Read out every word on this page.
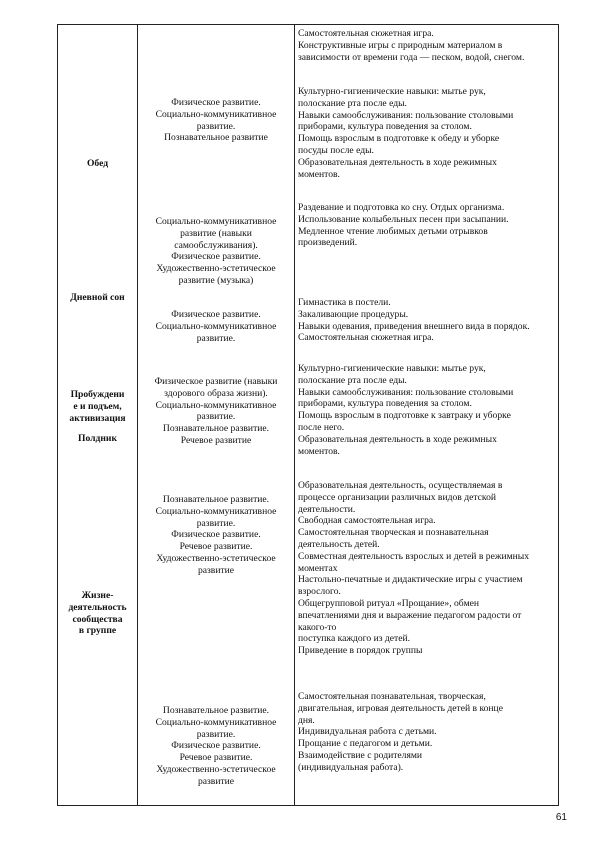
Обед
Дневной сон
Пробуждени
е и подъем,
активизация
Полдник
Жизне-
деятельность
сообщества
в группе
Физическое развитие.
Социально-коммуникативное
развитие.
Познавательное развитие
Социально-коммуникативное
развитие (навыки
самообслуживания).
Физическое развитие.
Художественно-эстетическое
развитие (музыка)
Физическое развитие.
Социально-коммуникативное
развитие.
Физическое развитие (навыки
здорового образа жизни).
Социально-коммуникативное
развитие.
Познавательное развитие.
Речевое развитие
Познавательное развитие.
Социально-коммуникативное
развитие.
Физическое развитие.
Речевое развитие.
Художественно-эстетическое
развитие
Познавательное развитие.
Социально-коммуникативное
развитие.
Физическое развитие.
Речевое развитие.
Художественно-эстетическое
развитие
Самостоятельная сюжетная игра.
Конструктивные игры с природным материалом в
зависимости от времени года — песком, водой, снегом.
Культурно-гигиенические навыки: мытье рук,
полоскание рта после еды.
Навыки самообслуживания: пользование столовыми
приборами, культура поведения за столом.
Помощь взрослым в подготовке к обеду и уборке
посуды после еды.
Образовательная деятельность в ходе режимных
моментов.
Раздевание и подготовка ко сну. Отдых организма.
Использование колыбельных песен при засыпании.
Медленное чтение любимых детьми отрывков
произведений.
Гимнастика в постели.
Закаливающие процедуры.
Навыки одевания, приведения внешнего вида в порядок.
Самостоятельная сюжетная игра.
Культурно-гигиенические навыки: мытье рук,
полоскание рта после еды.
Навыки самообслуживания: пользование столовыми
приборами, культура поведения за столом.
Помощь взрослым в подготовке к завтраку и уборке
после него.
Образовательная деятельность в ходе режимных
моментов.
Образовательная деятельность, осуществляемая в
процессе организации различных видов детской
деятельности.
Свободная самостоятельная игра.
Самостоятельная творческая и познавательная
деятельность детей.
Совместная деятельность взрослых и детей в режимных
моментах
Настольно-печатные и дидактические игры с участием
взрослого.
Общегрупповой ритуал «Прощание», обмен
впечатлениями дня и выражение педагогом радости от
какого-то
поступка каждого из детей.
Приведение в порядок группы
Самостоятельная познавательная, творческая,
двигательная, игровая деятельность детей в конце
дня.
Индивидуальная работа с детьми.
Прощание с педагогом и детьми.
Взаимодействие с родителями
(индивидуальная работа).
61
